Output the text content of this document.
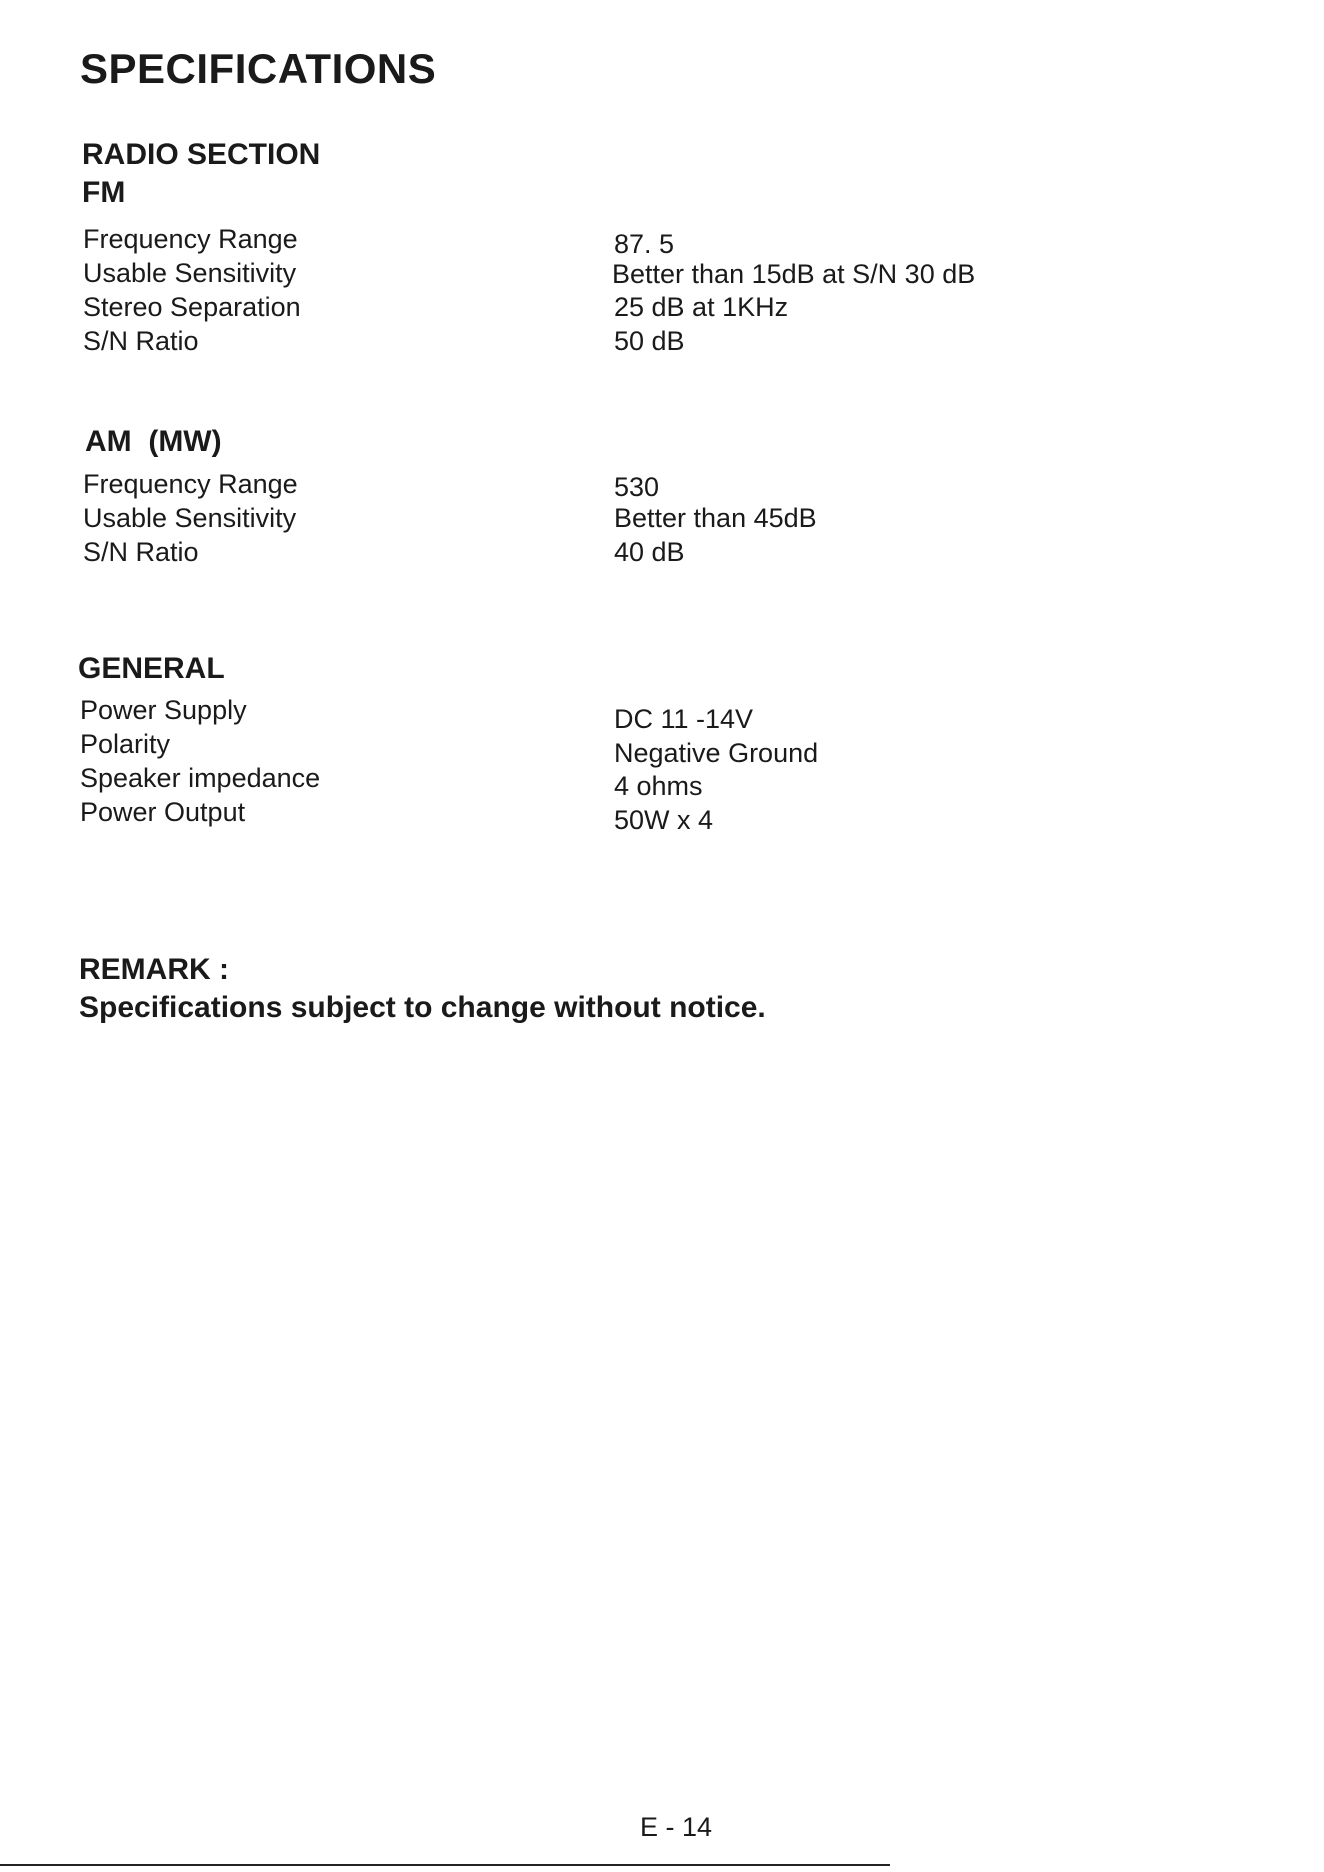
SPECIFICATIONS
RADIO SECTION
FM
Frequency Range
Usable Sensitivity
Stereo Separation
S/N Ratio
87. 5
Better than 15dB at S/N 30 dB
25 dB at 1KHz
50 dB
AM  (MW)
Frequency Range
Usable Sensitivity
S/N Ratio
530
Better than 45dB
40 dB
GENERAL
Power Supply
Polarity
Speaker impedance
Power Output
DC 11 -14V
Negative Ground
4 ohms
50W x 4
REMARK :
Specifications subject to change without notice.
E - 14
